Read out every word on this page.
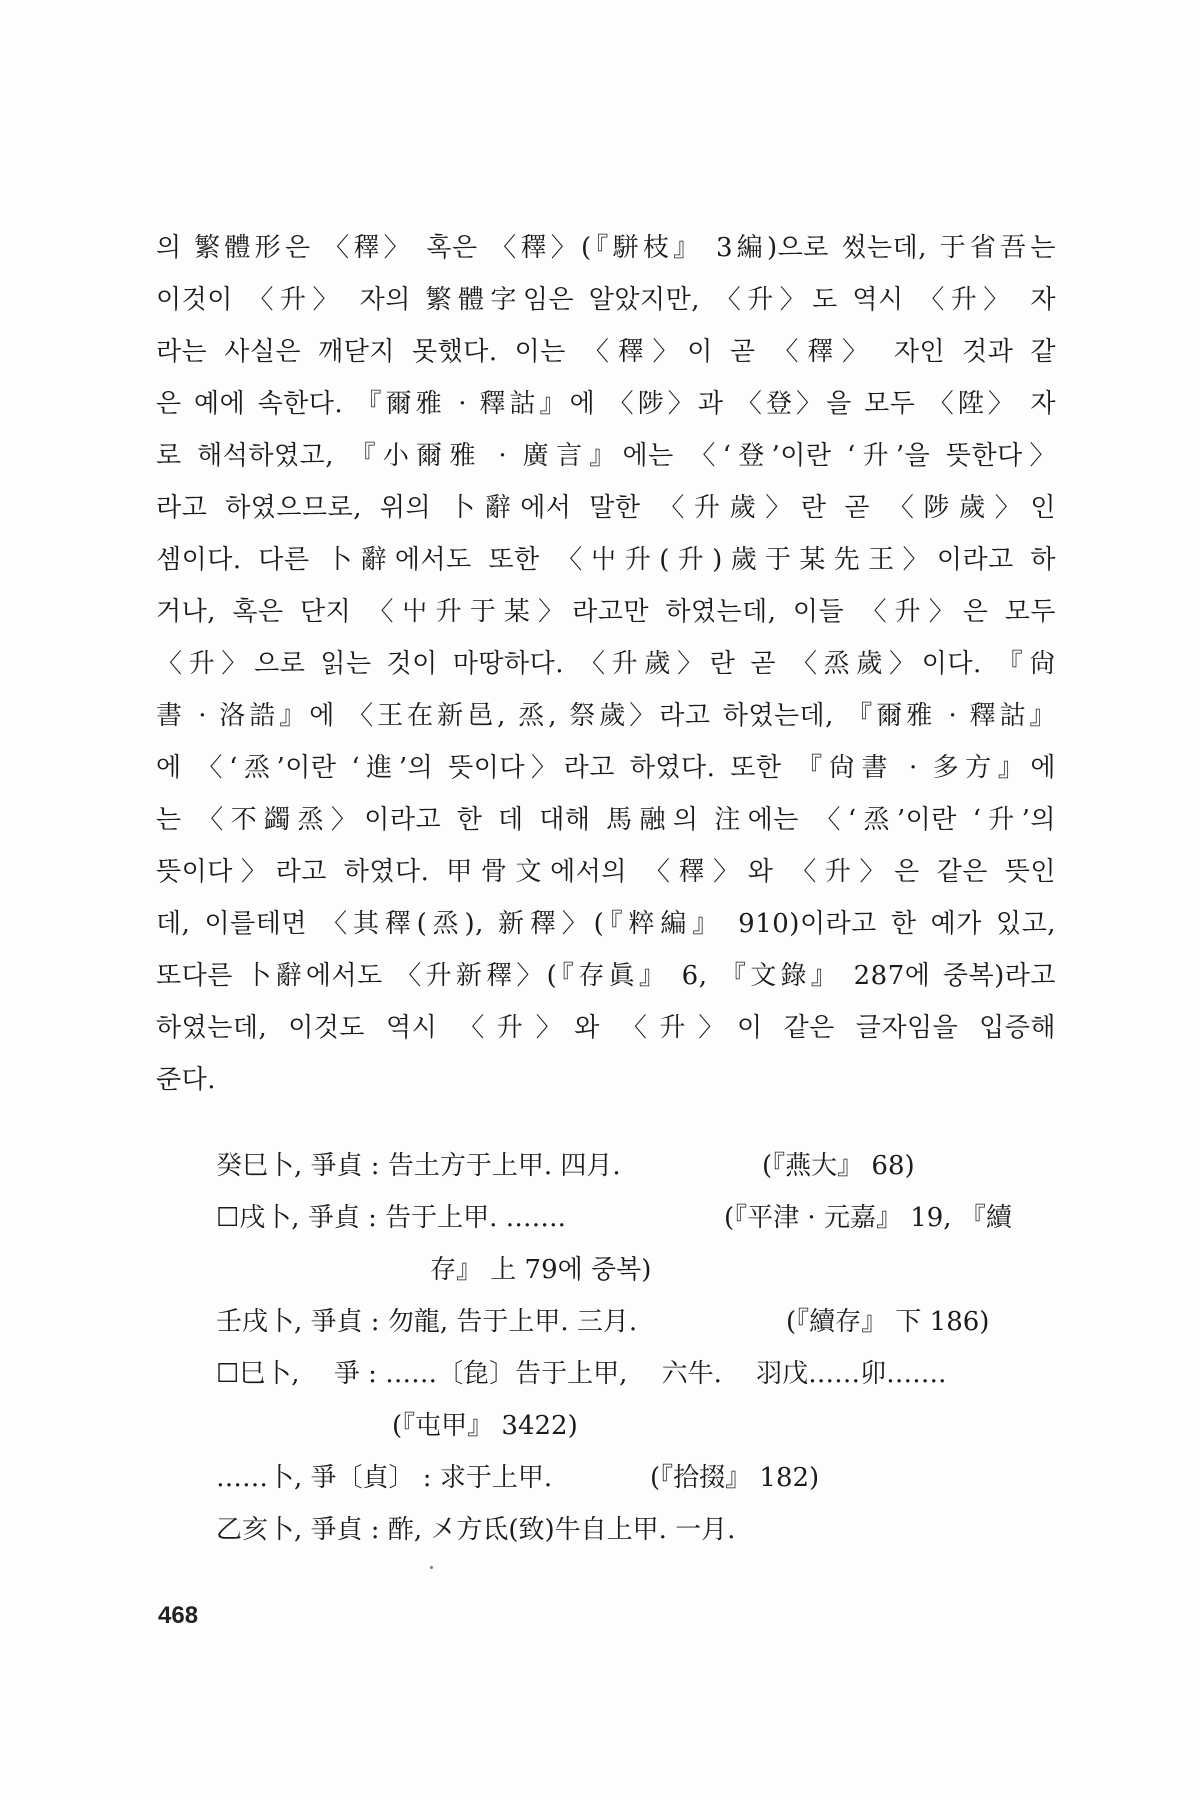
의 繁體形은 〈䆁〉 혹은 〈䆁〉(『駢枝』 3編)으로 썼는데, 于省吾는
이것이 〈升〉 자의 繁體字임은 알았지만, 〈升〉도 역시 〈升〉 자
라는 사실은 깨닫지 못했다. 이는 〈䆁〉이 곧 〈䆁〉 자인 것과 같
은 예에 속한다. 『爾雅 · 釋詁』에 〈陟〉과 〈登〉을 모두 〈陞〉 자
로 해석하였고, 『小爾雅 · 廣言』에는 〈‘登’이란 ‘升’을 뜻한다〉
라고 하였으므로, 위의 卜辭에서 말한 〈升歲〉란 곧 〈陟歲〉인
셈이다. 다른 卜辭에서도 또한 〈屮升(升)歲于某先王〉이라고 하
거나, 혹은 단지 〈屮升于某〉라고만 하였는데, 이들 〈升〉은 모두
〈升〉으로 읽는 것이 마땅하다. 〈升歲〉란 곧 〈烝歲〉이다. 『尙
書 · 洛誥』에 〈王在新邑, 烝, 祭歲〉라고 하였는데, 『爾雅 · 釋詁』
에 〈‘烝’이란 ‘進’의 뜻이다〉라고 하였다. 또한 『尙書 · 多方』에
는 〈不蠲烝〉이라고 한 데 대해 馬融의 注에는 〈‘烝’이란 ‘升’의
뜻이다〉라고 하였다. 甲骨文에서의 〈䆁〉와 〈升〉은 같은 뜻인
데, 이를테면 〈其䆁(烝), 新䆁〉(『粹編』 910)이라고 한 예가 있고,
또다른 卜辭에서도 〈升新䆁〉(『存眞』 6, 『文錄』 287에 중복)라고
하였는데, 이것도 역시 〈升〉와 〈升〉이 같은 글자임을 입증해
준다.
癸巳卜, 爭貞 : 告土方于上甲. 四月.	(『燕大』 68)
☐戌卜, 爭貞 : 告于上甲. …….	(『平津 · 元嘉』 19, 『續
存』 上 79에 중복)
壬戌卜, 爭貞 : 勿龍, 告于上甲. 三月.	(『續存』 下 186)
☐巳卜, 　爭 : ……〔㲋〕告于上甲, 　六牛. 　羽戊……卯…….
(『屯甲』 3422)
……卜, 爭〔貞〕 : 求于上甲.	(『拾掇』 182)
乙亥卜, 爭貞 : 酢, 㐅方氐(致)牛自上甲. 一月.
468
